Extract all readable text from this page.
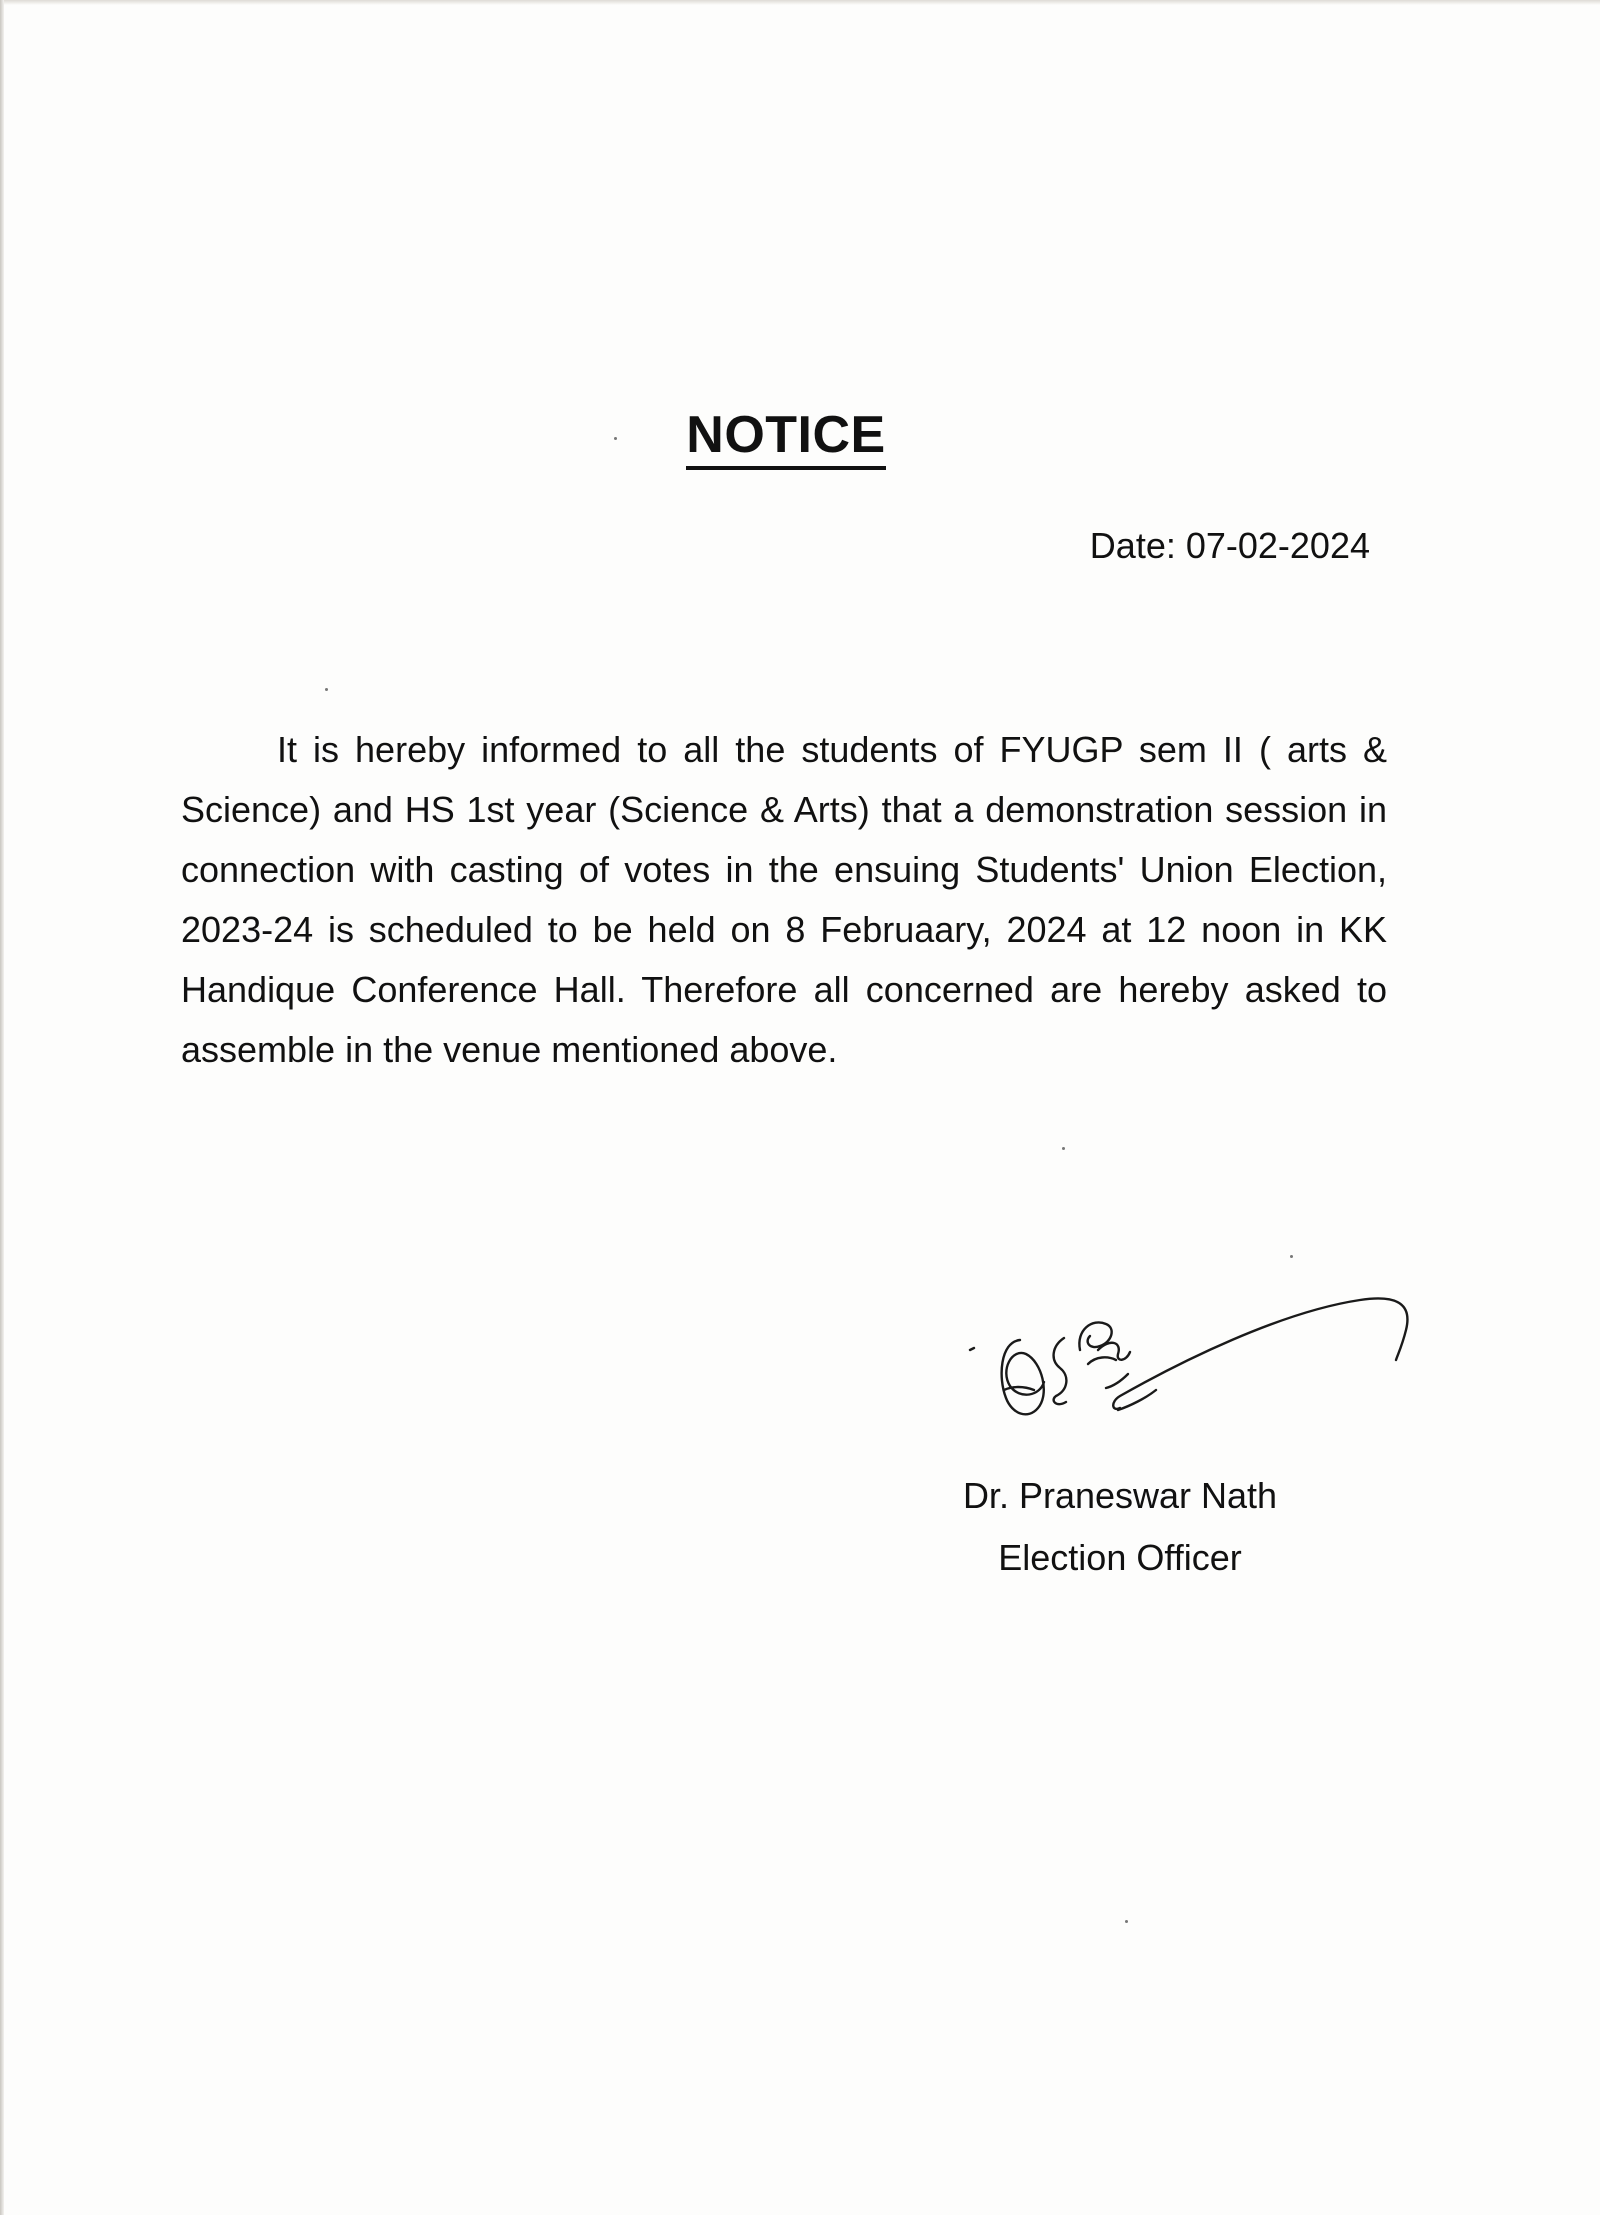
NOTICE

Date: 07-02-2024

It is hereby informed to all the students of FYUGP sem II ( arts & Science) and HS 1st year (Science & Arts) that a demonstration session in connection with casting of votes in the ensuing Students' Union Election, 2023-24 is scheduled to be held on 8 Februaary, 2024 at 12 noon in KK Handique Conference Hall. Therefore all concerned are hereby asked to assemble in the venue mentioned above.

Dr. Praneswar Nath

Election Officer
